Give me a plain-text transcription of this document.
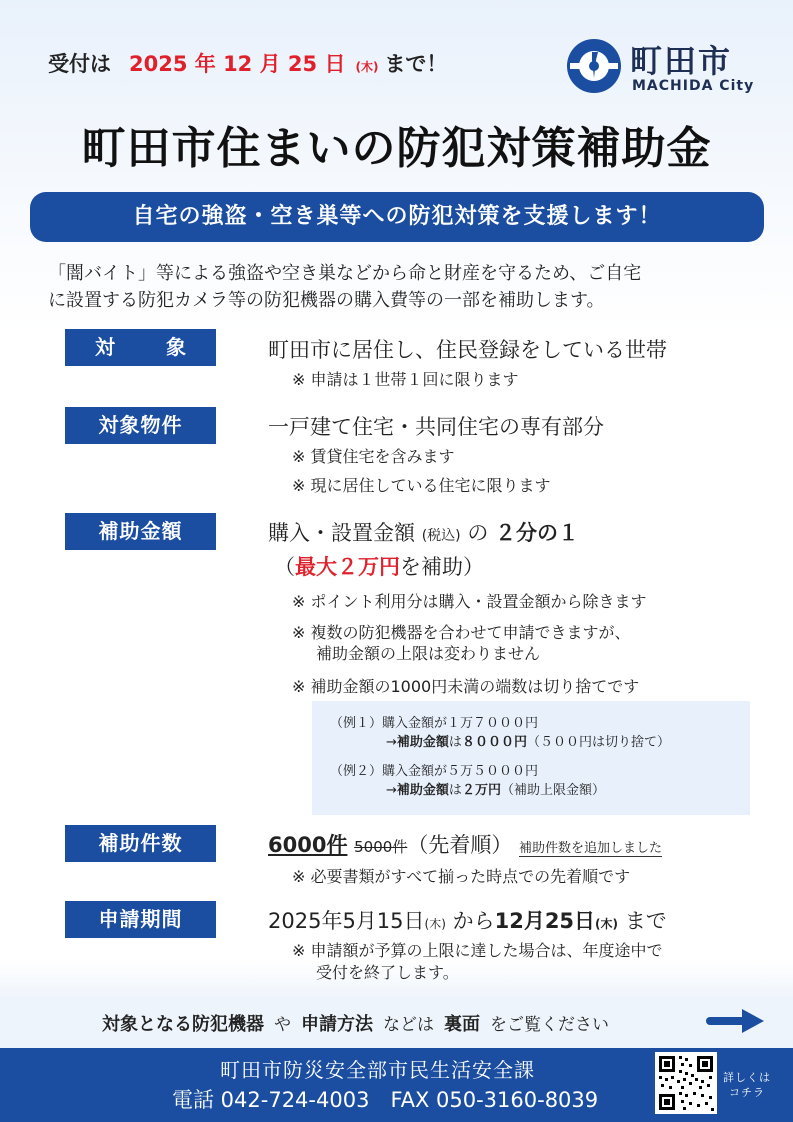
受付は 2025 年 12 月 25 日 (木) まで！	町田市
MACHIDA City
町田市住まいの防犯対策補助金
自宅の強盗・空き巣等への防犯対策を支援します！
「闇バイト」等による強盗や空き巣などから命と財産を守るため、ご自宅
に設置する防犯カメラ等の防犯機器の購入費等の一部を補助します。
対 象	町田市に居住し、住民登録をしている世帯
※ 申請は１世帯１回に限ります
対象物件	一戸建て住宅・共同住宅の専有部分
※ 賃貸住宅を含みます
※ 現に居住している住宅に限ります
補助金額	購入・設置金額 (税込) の ２分の１
（最大２万円を補助）
※ ポイント利用分は購入・設置金額から除きます
※ 複数の防犯機器を合わせて申請できますが、
補助金額の上限は変わりません
※ 補助金額の1000円未満の端数は切り捨てです
（例１）購入金額が１万７０００円
→補助金額は８０００円（５００円は切り捨て）
（例２）購入金額が５万５０００円
→補助金額は２万円（補助上限金額）
補助件数	6000件 5000件（先着順） 補助件数を追加しました
※ 必要書類がすべて揃った時点での先着順です
申請期間	2025年5月15日(木) から12月25日(木) まで
※ 申請額が予算の上限に達した場合は、年度途中で
受付を終了します。
対象となる防犯機器 や 申請方法 などは 裏面 をご覧ください
町田市防災安全部市民生活安全課
電話 042-724-4003　FAX 050-3160-8039
詳しくは
コチラ
